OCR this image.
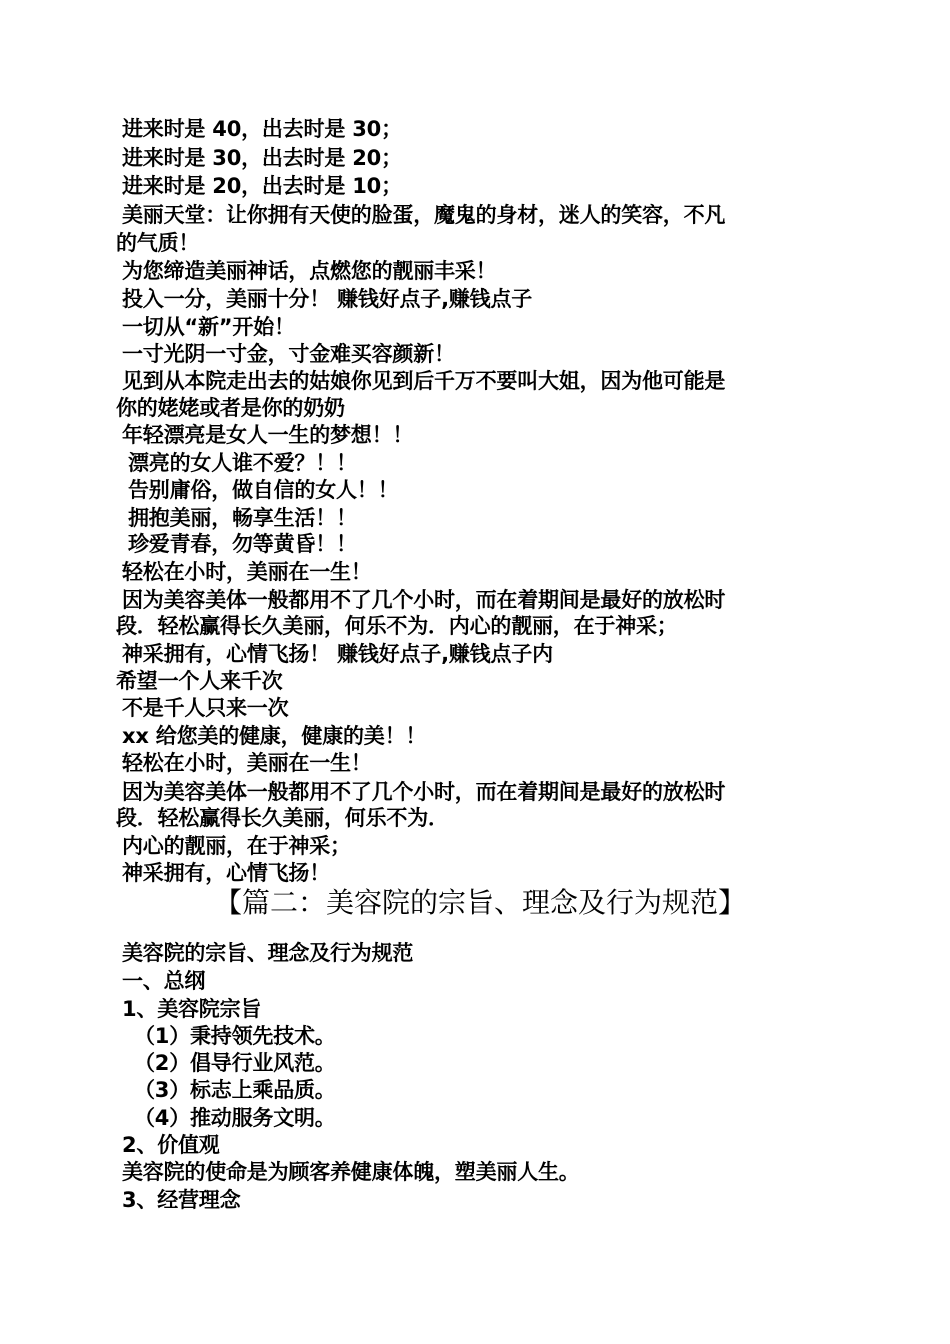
进来时是 40，出去时是 30；
进来时是 30，出去时是 20；
进来时是 20，出去时是 10；
美丽天堂：让你拥有天使的脸蛋，魔鬼的身材，迷人的笑容，不凡
的气质！
为您缔造美丽神话，点燃您的靓丽丰采！
投入一分，美丽十分！ 赚钱好点子,赚钱点子
一切从“新”开始！
一寸光阴一寸金，寸金难买容颜新！
见到从本院走出去的姑娘你见到后千万不要叫大姐，因为他可能是
你的姥姥或者是你的奶奶
年轻漂亮是女人一生的梦想！！
漂亮的女人谁不爱？！！
告别庸俗，做自信的女人！！
拥抱美丽，畅享生活！！
珍爱青春，勿等黄昏！！
轻松在小时，美丽在一生！
因为美容美体一般都用不了几个小时，而在着期间是最好的放松时
段．轻松赢得长久美丽，何乐不为．内心的靓丽，在于神采；
神采拥有，心情飞扬！ 赚钱好点子,赚钱点子内
希望一个人来千次
不是千人只来一次
xx 给您美的健康，健康的美！！
轻松在小时，美丽在一生！
因为美容美体一般都用不了几个小时，而在着期间是最好的放松时
段．轻松赢得长久美丽，何乐不为．
内心的靓丽，在于神采；
神采拥有，心情飞扬！
【篇二：美容院的宗旨、理念及行为规范】
美容院的宗旨、理念及行为规范
一、总纲
1、美容院宗旨
（1）秉持领先技术。
（2）倡导行业风范。
（3）标志上乘品质。
（4）推动服务文明。
2、价值观
美容院的使命是为顾客养健康体魄，塑美丽人生。
3、经营理念
